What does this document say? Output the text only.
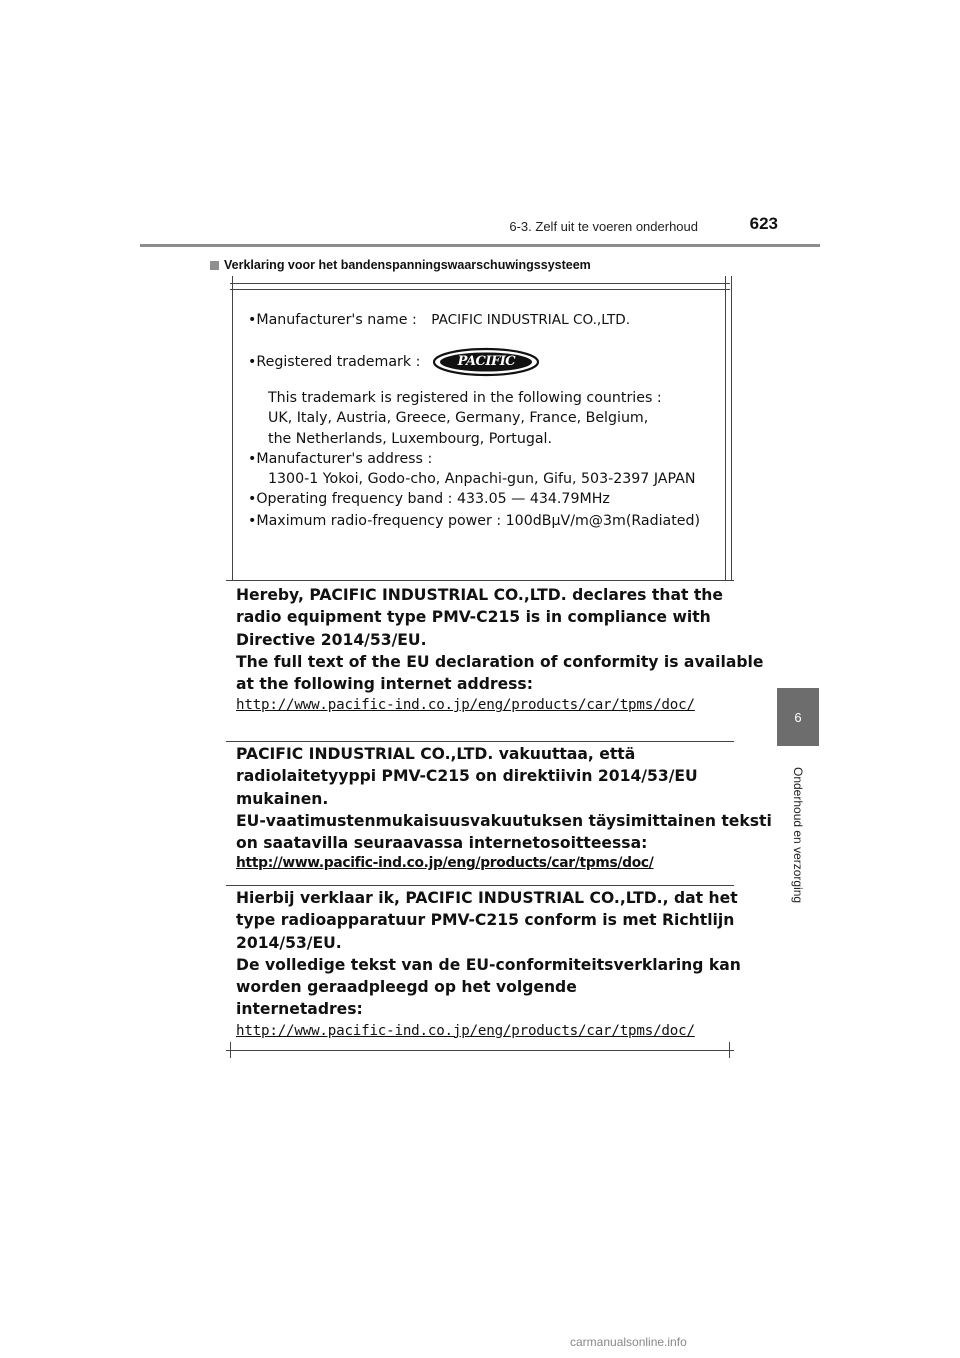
6-3. Zelf uit te voeren onderhoud	623
Verklaring voor het bandenspanningswaarschuwingssysteem
6
Onderhoud en verzorging
•Manufacturer's name : PACIFIC INDUSTRIAL CO.,LTD.
•Registered trademark :	PACIFIC
This trademark is registered in the following countries :
UK, Italy, Austria, Greece, Germany, France, Belgium,
the Netherlands, Luxembourg, Portugal.
•Manufacturer's address :
1300-1 Yokoi, Godo-cho, Anpachi-gun, Gifu, 503-2397 JAPAN
•Operating frequency band : 433.05 — 434.79MHz
•Maximum radio-frequency power : 100dBμV/m@3m(Radiated)
Hereby, PACIFIC INDUSTRIAL CO.,LTD. declares that the
radio equipment type PMV-C215 is in compliance with
Directive 2014/53/EU.
The full text of the EU declaration of conformity is available
at the following internet address:
http://www.pacific-ind.co.jp/eng/products/car/tpms/doc/
PACIFIC INDUSTRIAL CO.,LTD. vakuuttaa, että
radiolaitetyyppi PMV-C215 on direktiivin 2014/53/EU
mukainen.
EU-vaatimustenmukaisuusvakuutuksen täysimittainen teksti
on saatavilla seuraavassa internetosoitteessa:
http://www.pacific-ind.co.jp/eng/products/car/tpms/doc/
Hierbij verklaar ik, PACIFIC INDUSTRIAL CO.,LTD., dat het
type radioapparatuur PMV-C215 conform is met Richtlijn
2014/53/EU.
De volledige tekst van de EU-conformiteitsverklaring kan
worden geraadpleegd op het volgende
internetadres:
http://www.pacific-ind.co.jp/eng/products/car/tpms/doc/
carmanualsonline.info
